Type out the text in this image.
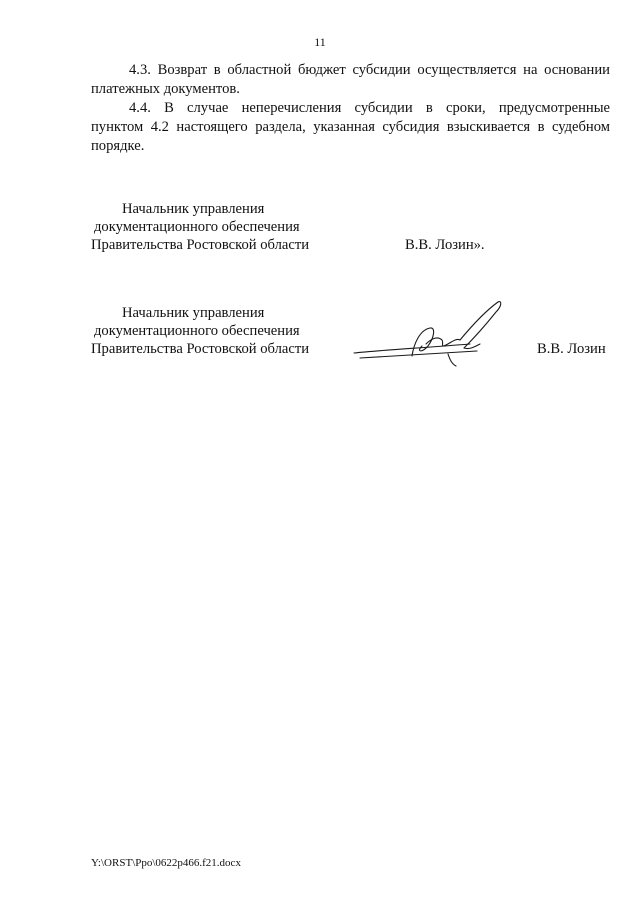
11
4.3. Возврат в областной бюджет субсидии осуществляется на основании
платежных документов.
4.4. В случае неперечисления субсидии в сроки, предусмотренные
пунктом 4.2 настоящего раздела, указанная субсидия взыскивается в судебном
порядке.
Начальник управления
документационного обеспечения
Правительства Ростовской области	В.В. Лозин».
Начальник управления
документационного обеспечения
Правительства Ростовской области	В.В. Лозин
Y:\ORST\Ppo\0622p466.f21.docx
